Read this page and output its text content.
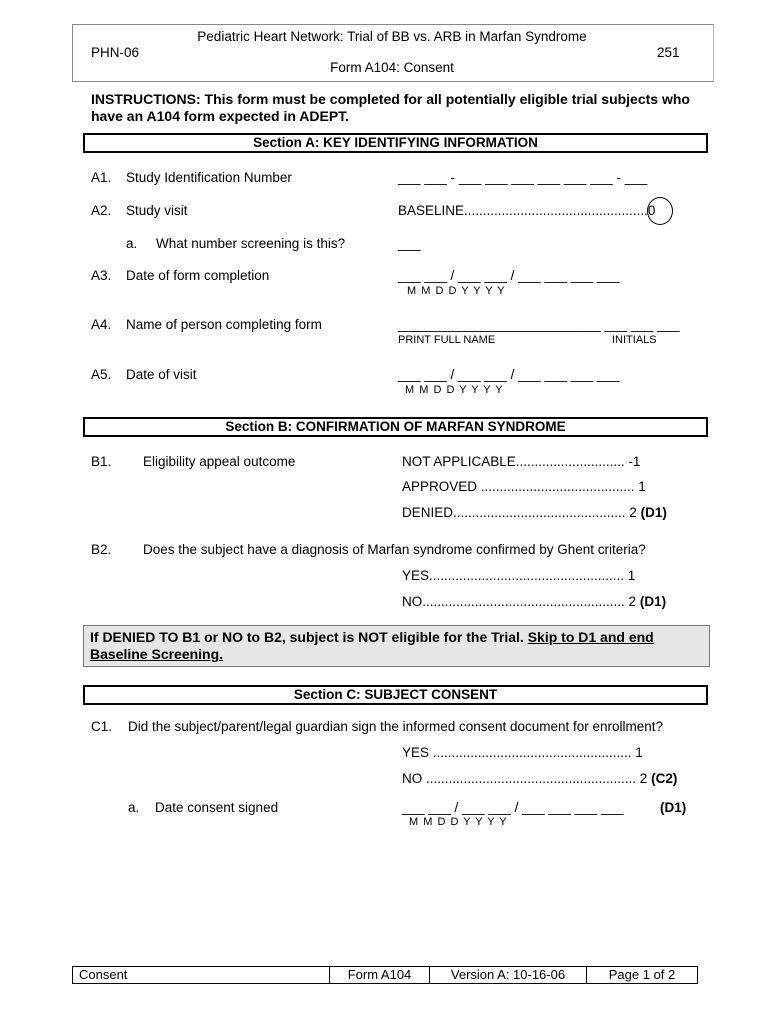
Pediatric Heart Network: Trial of BB vs. ARB in Marfan Syndrome
PHN-06	251
Form A104: Consent
INSTRUCTIONS: This form must be completed for all potentially eligible trial subjects who have an A104 form expected in ADEPT.
Section A: KEY IDENTIFYING INFORMATION
A1. Study Identification Number	___ ___ - ___ ___ ___ ___ ___ ___ - ___
A2. Study visit	BASELINE.................................................0
a. What number screening is this?	___
A3. Date of form completion	___ ___ / ___ ___ / ___ ___ ___ ___
M M D D Y Y Y Y
A4. Name of person completing form	___________________________ ___ ___ ___
PRINT FULL NAME	INITIALS
A5. Date of visit	___ ___ / ___ ___ / ___ ___ ___ ___
M M D D Y Y Y Y
Section B: CONFIRMATION OF MARFAN SYNDROME
B1. Eligibility appeal outcome	NOT APPLICABLE............................. -1
APPROVED ......................................... 1
DENIED.............................................. 2 (D1)
B2. Does the subject have a diagnosis of Marfan syndrome confirmed by Ghent criteria?
YES.................................................... 1
NO...................................................... 2 (D1)
If DENIED TO B1 or NO to B2, subject is NOT eligible for the Trial. Skip to D1 and end Baseline Screening.
Section C: SUBJECT CONSENT
C1. Did the subject/parent/legal guardian sign the informed consent document for enrollment?
YES ..................................................... 1
NO ........................................................ 2 (C2)
a. Date consent signed	___ ___ / ___ ___ / ___ ___ ___ ___	(D1)
M M D D Y Y Y Y
Consent	Form A104	Version A: 10-16-06	Page 1 of 2
